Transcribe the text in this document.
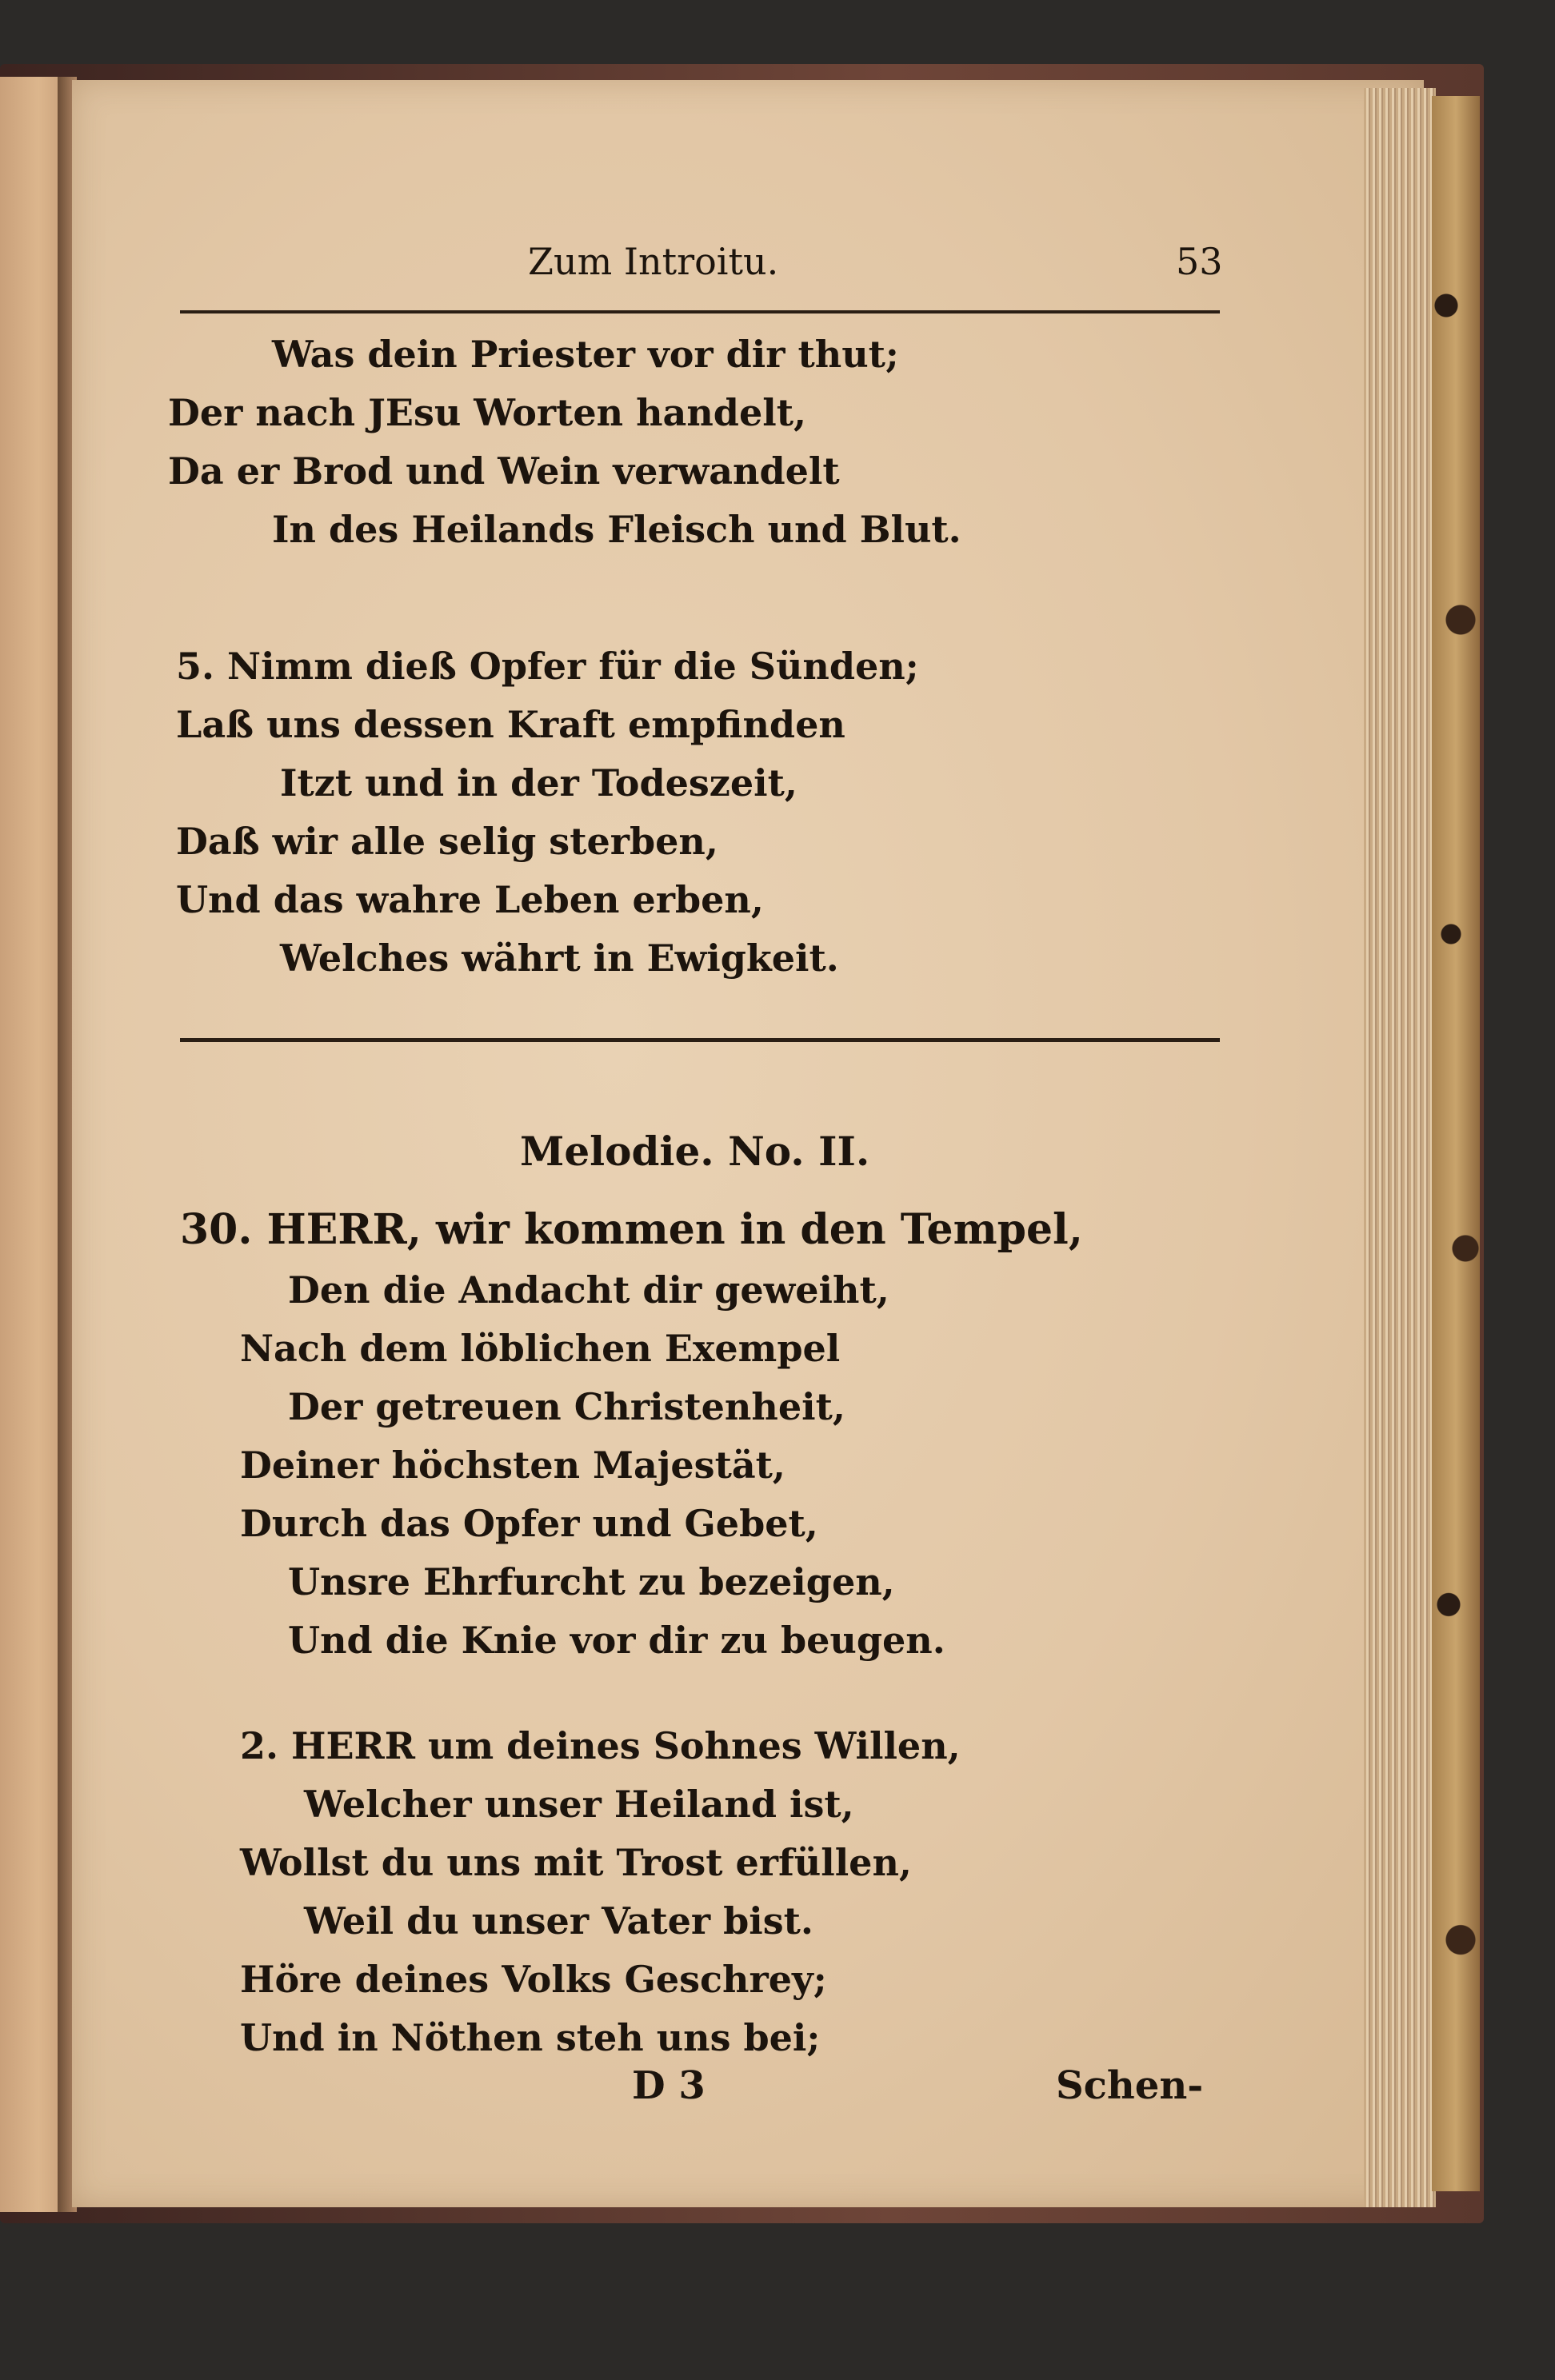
Zum Introitu.	53
Was dein Priester vor dir thut;
Der nach JEsu Worten handelt,
Da er Brod und Wein verwandelt
In des Heilands Fleisch und Blut.
5. Nimm dieß Opfer für die Sünden;
Laß uns dessen Kraft empfinden
Itzt und in der Todeszeit,
Daß wir alle selig sterben,
Und das wahre Leben erben,
Welches währt in Ewigkeit.
Melodie. No. II.
30. HERR, wir kommen in den Tempel,
Den die Andacht dir geweiht,
Nach dem löblichen Exempel
Der getreuen Christenheit,
Deiner höchsten Majestät,
Durch das Opfer und Gebet,
Unsre Ehrfurcht zu bezeigen,
Und die Knie vor dir zu beugen.
2. HERR um deines Sohnes Willen,
Welcher unser Heiland ist,
Wollst du uns mit Trost erfüllen,
Weil du unser Vater bist.
Höre deines Volks Geschrey;
Und in Nöthen steh uns bei;
D 3	Schen-
